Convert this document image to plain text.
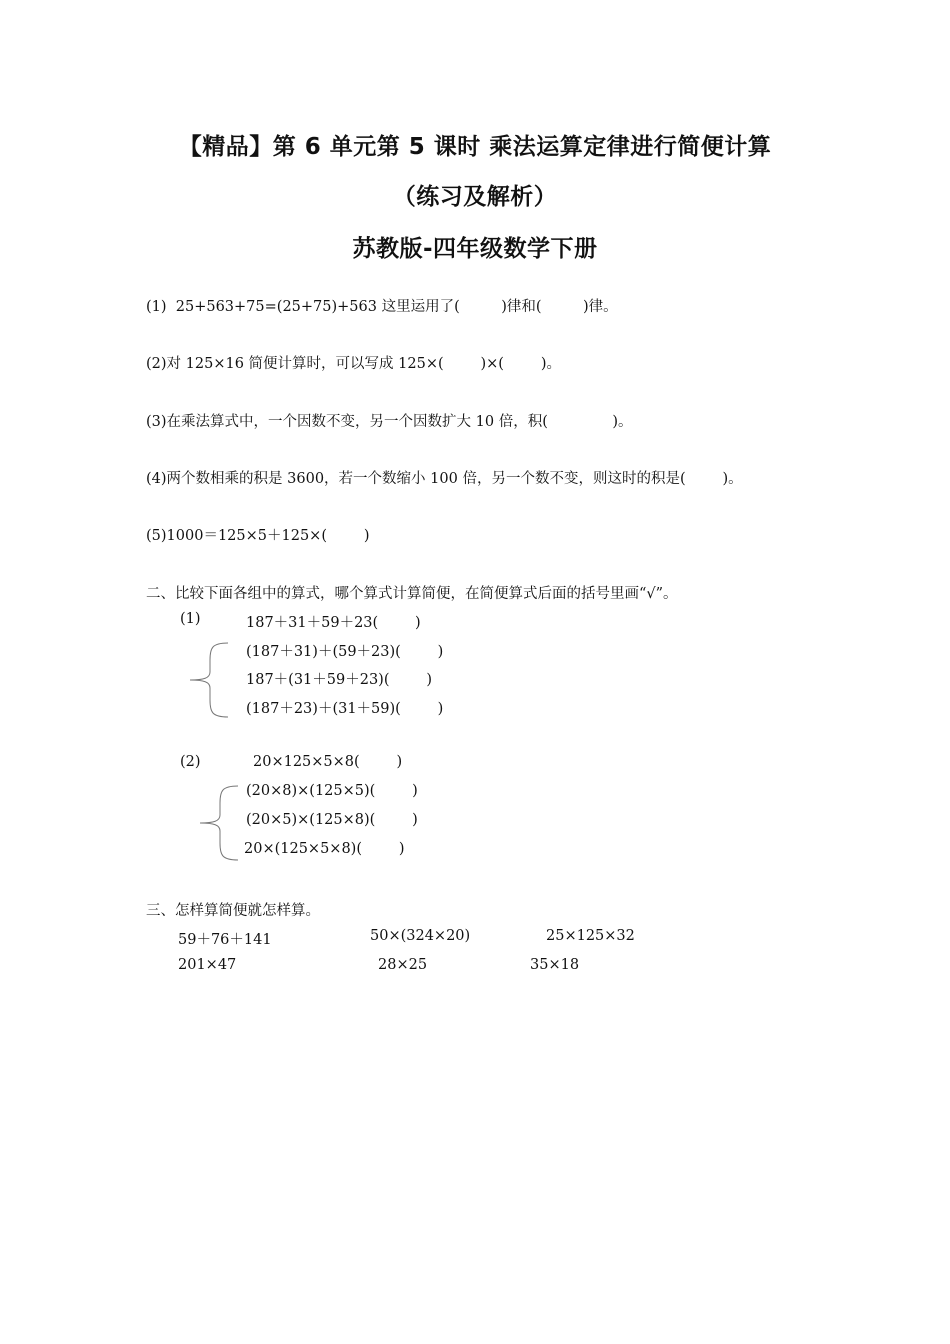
【精品】第 6 单元第 5 课时 乘法运算定律进行简便计算
（练习及解析）
苏教版-四年级数学下册
(1)  25+563+75=(25+75)+563 这里运用了(         )律和(         )律。
(2)对 125×16 简便计算时，可以写成 125×(        )×(        )。
(3)在乘法算式中，一个因数不变，另一个因数扩大 10 倍，积(              )。
(4)两个数相乘的积是 3600，若一个数缩小 100 倍，另一个数不变，则这时的积是(        )。
(5)1000＝125×5＋125×(        )
二、比较下面各组中的算式，哪个算式计算简便，在简便算式后面的括号里画“√”。
(1)	187＋31＋59＋23(        )
(187＋31)＋(59＋23)(        )
187＋(31＋59＋23)(        )
(187＋23)＋(31＋59)(        )
(2)	20×125×5×8(        )
(20×8)×(125×5)(        )
(20×5)×(125×8)(        )
20×(125×5×8)(        )
三、怎样算简便就怎样算。
59＋76＋141	50×(324×20)	25×125×32
201×47	28×25	35×18
